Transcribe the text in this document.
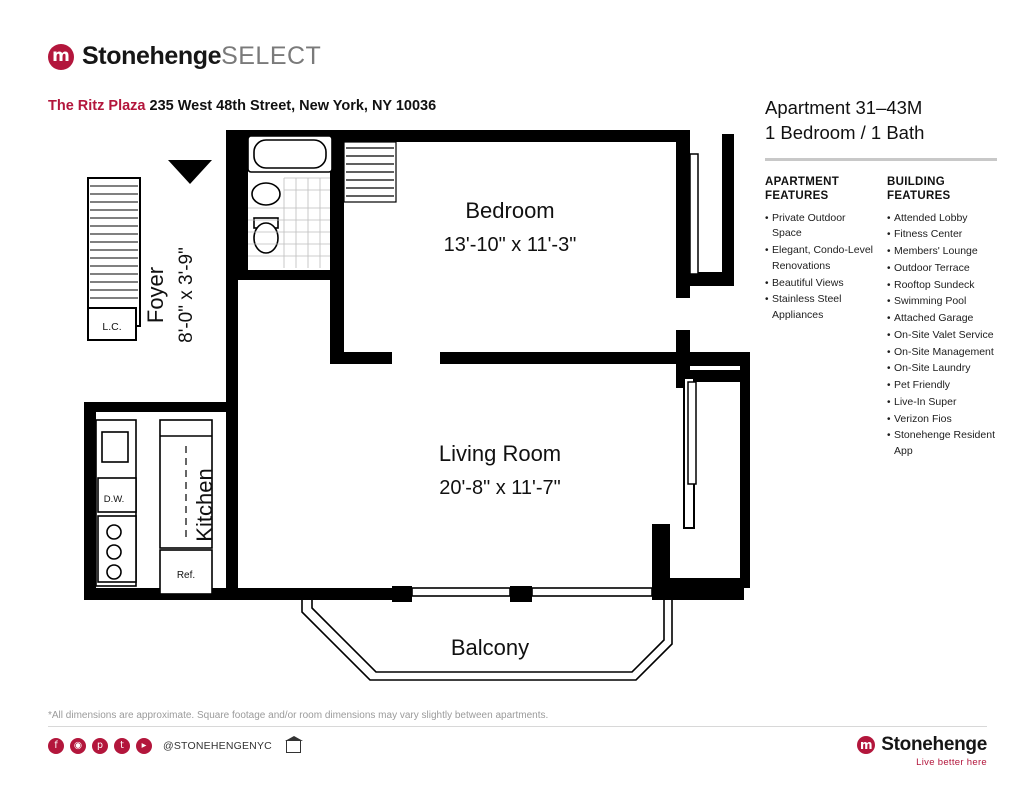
m StonehengeSELECT
The Ritz Plaza 235 West 48th Street, New York, NY 10036	Apartment 31–43M
1 Bedroom / 1 Bath
APARTMENT
FEATURES
• Private Outdoor Space
• Elegant, Condo-Level Renovations
• Beautiful Views
• Stainless Steel Appliances
BUILDING
FEATURES
• Attended Lobby
• Fitness Center
• Members' Lounge
• Outdoor Terrace
• Rooftop Sundeck
• Swimming Pool
• Attached Garage
• On-Site Valet Service
• On-Site Management
• On-Site Laundry
• Pet Friendly
• Live-In Super
• Verizon Fios
• Stonehenge Resident App
D.W.
Ref.
L.C.
Bedroom
13'-10" x 11'-3"
Living Room
20'-8" x 11'-7"
Foyer 8'-0" x 3'-9"
Kitchen
Balcony
*All dimensions are approximate. Square footage and/or room dimensions may vary slightly between apartments.
f	◉	p	t	▸	@STONEHENGENYC	m Stonehenge
Live better here
